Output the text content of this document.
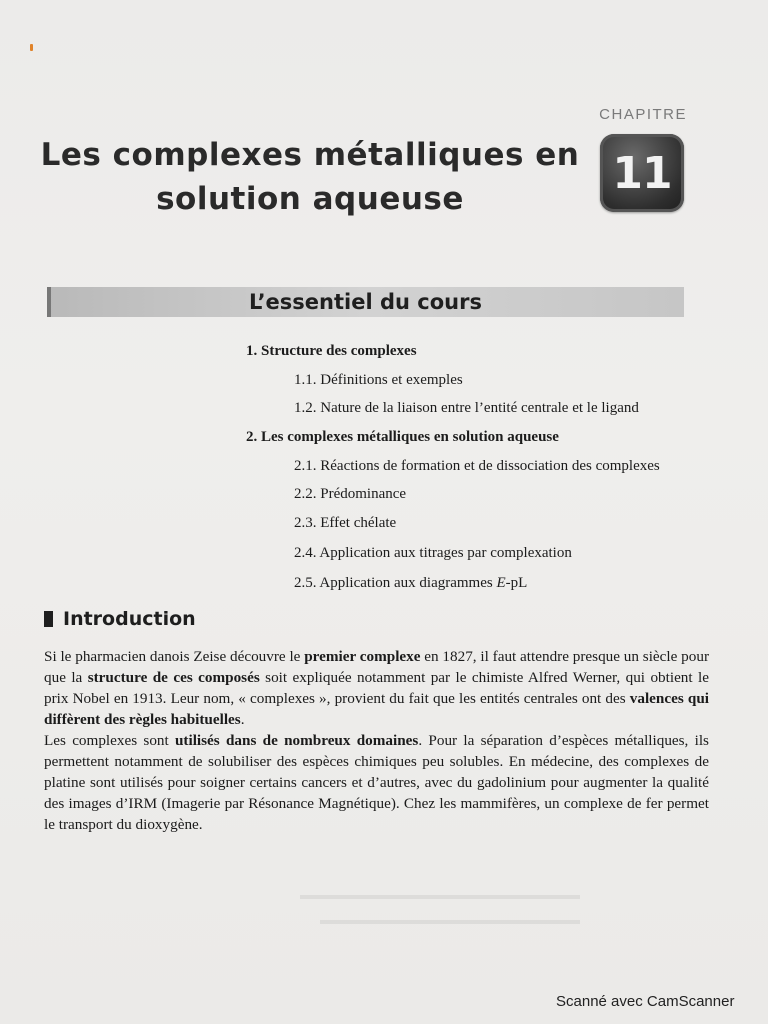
CHAPITRE
11
Les complexes métalliques en
solution aqueuse
L’essentiel du cours
1. Structure des complexes
1.1. Définitions et exemples
1.2. Nature de la liaison entre l’entité centrale et le ligand
2. Les complexes métalliques en solution aqueuse
2.1. Réactions de formation et de dissociation des complexes
2.2. Prédominance
2.3. Effet chélate
2.4. Application aux titrages par complexation
2.5. Application aux diagrammes E-pL
Introduction

Si le pharmacien danois Zeise découvre le premier complexe en 1827, il faut attendre presque un siècle pour que la structure de ces composés soit expliquée notamment par le chimiste Alfred Werner, qui obtient le prix Nobel en 1913. Leur nom, « complexes », provient du fait que les entités centrales ont des valences qui diffèrent des règles habituelles.

Les complexes sont utilisés dans de nombreux domaines. Pour la séparation d’espèces métalliques, ils permettent notamment de solubiliser des espèces chimiques peu solubles. En médecine, des complexes de platine sont utilisés pour soigner certains cancers et d’autres, avec du gadolinium pour augmenter la qualité des images d’IRM (Imagerie par Résonance Magnétique). Chez les mammifères, un complexe de fer permet le transport du dioxygène.

Scanné avec CamScanner
